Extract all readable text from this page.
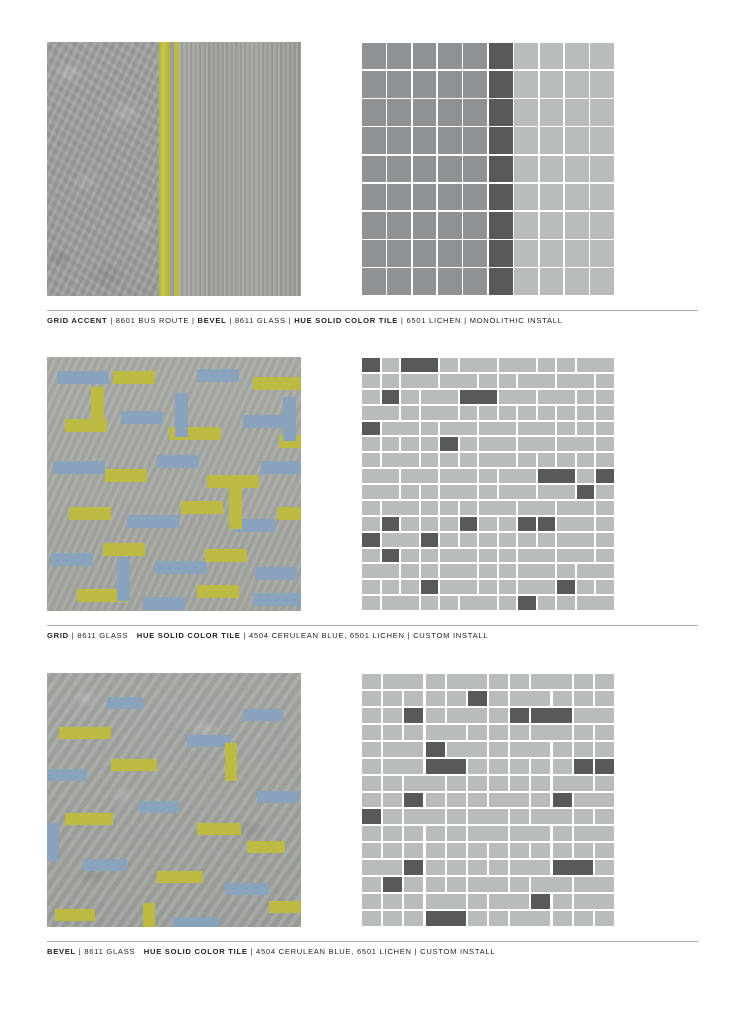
GRID ACCENT | 8601 BUS ROUTE | BEVEL | 8611 GLASS | HUE SOLID COLOR TILE | 6501 LICHEN | MONOLITHIC INSTALL
GRID | 8611 GLASS HUE SOLID COLOR TILE | 4504 CERULEAN BLUE, 6501 LICHEN | CUSTOM INSTALL
BEVEL | 8611 GLASS HUE SOLID COLOR TILE | 4504 CERULEAN BLUE, 6501 LICHEN | CUSTOM INSTALL
